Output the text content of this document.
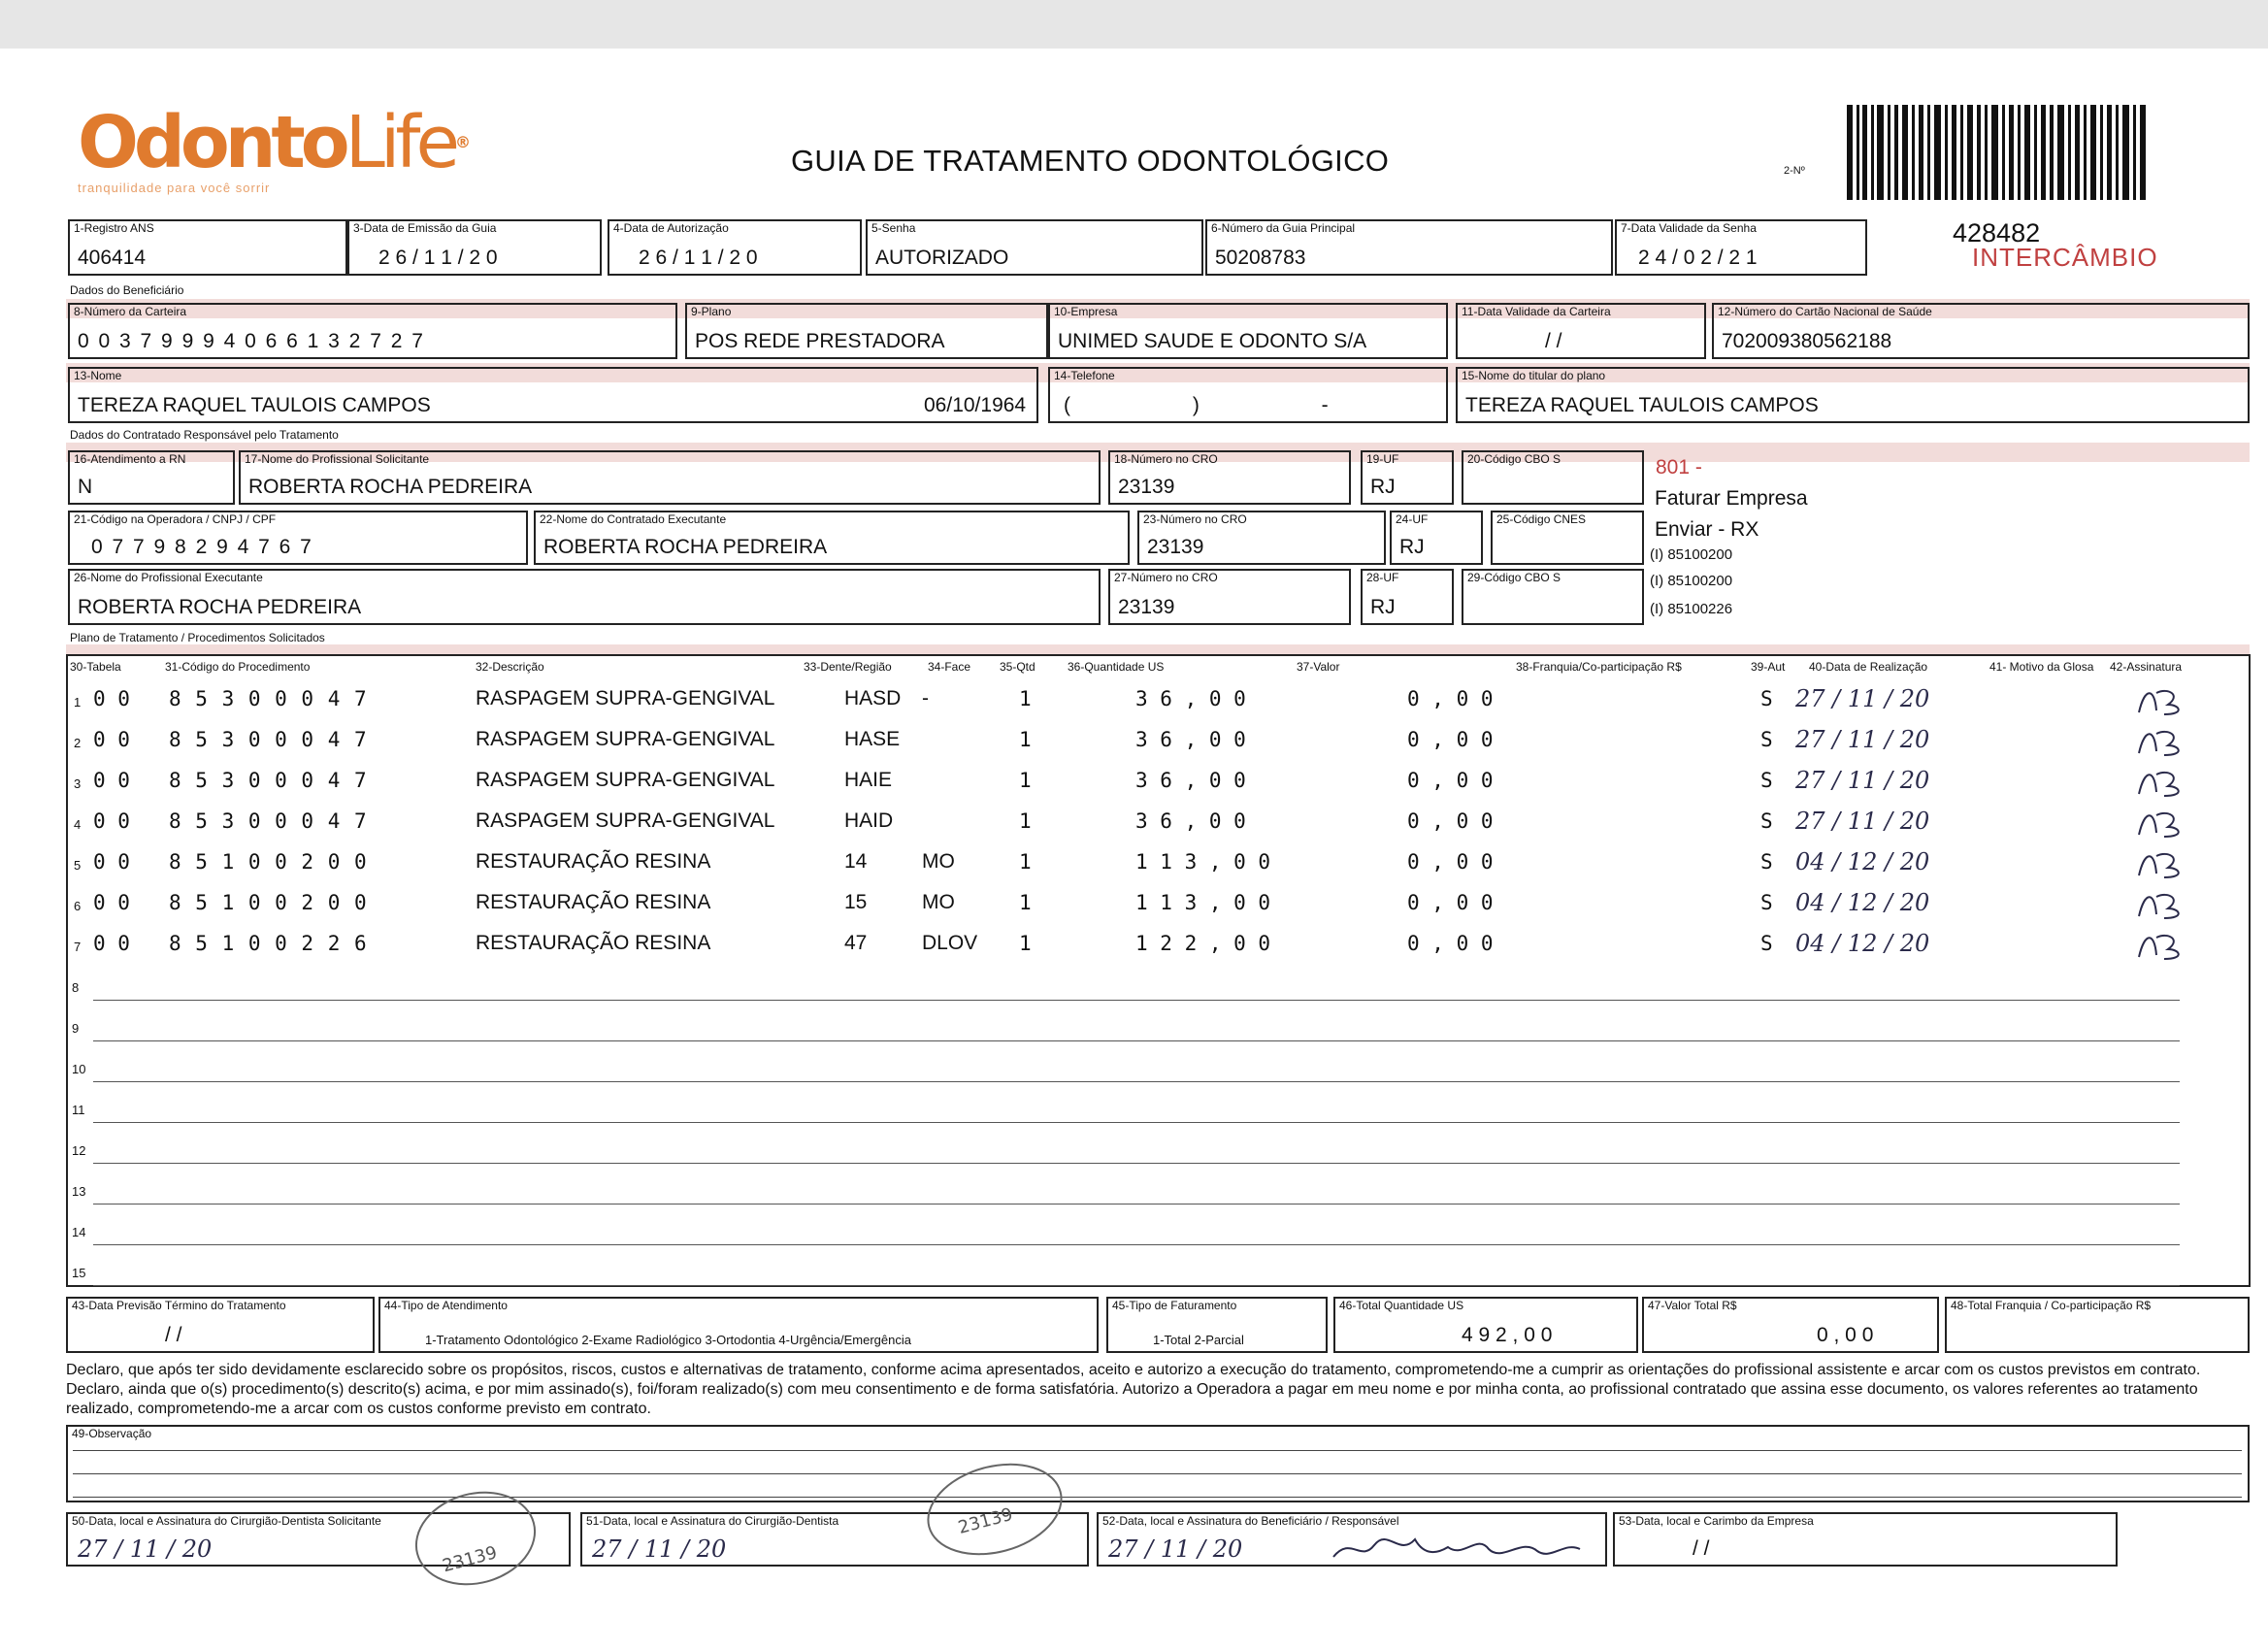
OdontoLife®
tranquilidade para você sorrir
GUIA DE TRATAMENTO ODONTOLÓGICO	2-Nº
428482
INTERCÂMBIO
1-Registro ANS
406414
3-Data de Emissão da Guia
2 6 / 1 1 / 2 0
4-Data de Autorização
2 6 / 1 1 / 2 0
5-Senha
AUTORIZADO
6-Número da Guia Principal
50208783
7-Data Validade da Senha
2 4 / 0 2 / 2 1
Dados do Beneficiário
8-Número da Carteira
0 0 3 7 9 9 9 4 0 6 6 1 3 2 7 2 7
9-Plano
POS REDE PRESTADORA
10-Empresa
UNIMED SAUDE E ODONTO S/A
11-Data Validade da Carteira
/ /
12-Número do Cartão Nacional de Saúde
702009380562188
13-Nome
TEREZA RAQUEL TAULOIS CAMPOS	06/10/1964
14-Telefone
( ) -
15-Nome do titular do plano
TEREZA RAQUEL TAULOIS CAMPOS
Dados do Contratado Responsável pelo Tratamento
16-Atendimento a RN
N
17-Nome do Profissional Solicitante
ROBERTA ROCHA PEDREIRA
18-Número no CRO
23139
19-UF
RJ
20-Código CBO S
21-Código na Operadora / CNPJ / CPF
0 7 7 9 8 2 9 4 7 6 7
22-Nome do Contratado Executante
ROBERTA ROCHA PEDREIRA
23-Número no CRO
23139
24-UF
RJ
25-Código CNES
26-Nome do Profissional Executante
ROBERTA ROCHA PEDREIRA
27-Número no CRO
23139
28-UF
RJ
29-Código CBO S
801 -
Faturar Empresa
Enviar - RX
(I) 85100200
(I) 85100200
(I) 85100226
Plano de Tratamento / Procedimentos Solicitados
30-Tabela	31-Código do Procedimento	32-Descrição	33-Dente/Região	34-Face 35-Qtd	36-Quantidade US	37-Valor	38-Franquia/Co-participação R$	39-Aut 40-Data de Realização	41- Motivo da Glosa 42-Assinatura
1 0 0 8 5 3 0 0 0 4 7	RASPAGEM SUPRA-GENGIVAL	HASD -	1	3 6 , 0 0	0 , 0 0	S 27 / 11 / 20
2 0 0 8 5 3 0 0 0 4 7	RASPAGEM SUPRA-GENGIVAL	HASE	1	3 6 , 0 0	0 , 0 0	S 27 / 11 / 20
3 0 0 8 5 3 0 0 0 4 7	RASPAGEM SUPRA-GENGIVAL	HAIE	1	3 6 , 0 0	0 , 0 0	S 27 / 11 / 20
4 0 0 8 5 3 0 0 0 4 7	RASPAGEM SUPRA-GENGIVAL	HAID	1	3 6 , 0 0	0 , 0 0	S 27 / 11 / 20
5 0 0 8 5 1 0 0 2 0 0	RESTAURAÇÃO RESINA	14	MO	1	1 1 3 , 0 0	0 , 0 0	S 04 / 12 / 20
6 0 0 8 5 1 0 0 2 0 0	RESTAURAÇÃO RESINA	15	MO	1	1 1 3 , 0 0	0 , 0 0	S 04 / 12 / 20
7 0 0 8 5 1 0 0 2 2 6	RESTAURAÇÃO RESINA	47	DLOV 1	1 2 2 , 0 0	0 , 0 0	S 04 / 12 / 20
8
9
10
11
12
13
14
15
43-Data Previsão Término do Tratamento
/ /
44-Tipo de Atendimento
1-Tratamento Odontológico 2-Exame Radiológico 3-Ortodontia 4-Urgência/Emergência
45-Tipo de Faturamento
1-Total 2-Parcial
46-Total Quantidade US
4 9 2 , 0 0
47-Valor Total R$
0 , 0 0
48-Total Franquia / Co-participação R$
Declaro, que após ter sido devidamente esclarecido sobre os propósitos, riscos, custos e alternativas de tratamento, conforme acima apresentados, aceito e autorizo a execução do tratamento, comprometendo-me a cumprir as orientações do profissional assistente e arcar com os custos previstos em contrato. Declaro, ainda que o(s) procedimento(s) descrito(s) acima, e por mim assinado(s), foi/foram realizado(s) com meu consentimento e de forma satisfatória. Autorizo a Operadora a pagar em meu nome e por minha conta, ao profissional contratado que assina esse documento, os valores referentes ao tratamento realizado, comprometendo-me a arcar com os custos conforme previsto em contrato.
49-Observação
50-Data, local e Assinatura do Cirurgião-Dentista Solicitante
27 / 11 / 20
51-Data, local e Assinatura do Cirurgião-Dentista
27 / 11 / 20
52-Data, local e Assinatura do Beneficiário / Responsável
27 / 11 / 20
53-Data, local e Carimbo da Empresa
/ /
23139
23139
